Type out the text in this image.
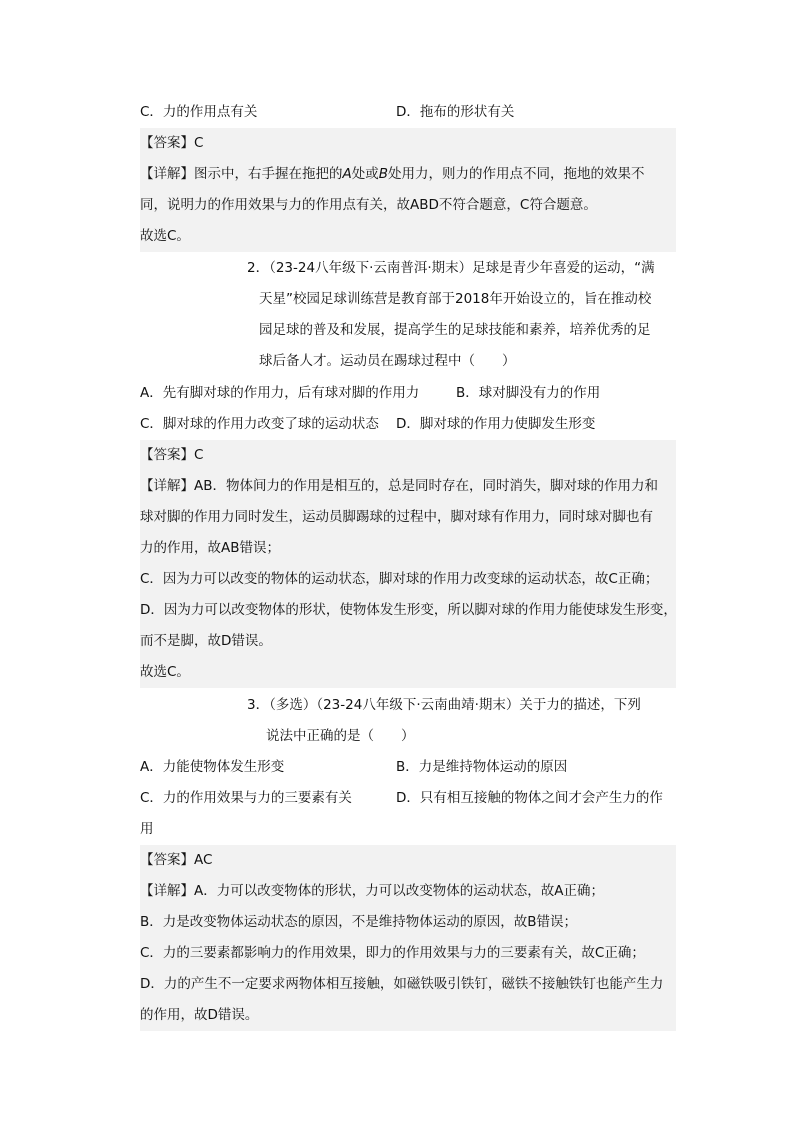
C．力的作用点有关	D．拖布的形状有关
【答案】C
【详解】图示中，右手握在拖把的A处或B处用力，则力的作用点不同，拖地的效果不
同，说明力的作用效果与力的作用点有关，故ABD不符合题意，C符合题意。
故选C。
2．（23-24八年级下·云南普洱·期末）足球是青少年喜爱的运动，“满
天星”校园足球训练营是教育部于2018年开始设立的，旨在推动校
园足球的普及和发展，提高学生的足球技能和素养，培养优秀的足
球后备人才。运动员在踢球过程中（　　）
A．先有脚对球的作用力，后有球对脚的作用力	B．球对脚没有力的作用
C．脚对球的作用力改变了球的运动状态 D．脚对球的作用力使脚发生形变
【答案】C
【详解】AB．物体间力的作用是相互的，总是同时存在，同时消失，脚对球的作用力和
球对脚的作用力同时发生，运动员脚踢球的过程中，脚对球有作用力，同时球对脚也有
力的作用，故AB错误；
C．因为力可以改变的物体的运动状态，脚对球的作用力改变球的运动状态，故C正确；
D．因为力可以改变物体的形状，使物体发生形变，所以脚对球的作用力能使球发生形变，
而不是脚，故D错误。
故选C。
3．（多选）（23-24八年级下·云南曲靖·期末）关于力的描述，下列
说法中正确的是（　　）
A．力能使物体发生形变	B．力是维持物体运动的原因
C．力的作用效果与力的三要素有关	D．只有相互接触的物体之间才会产生力的作
用
【答案】AC
【详解】A．力可以改变物体的形状，力可以改变物体的运动状态，故A正确；
B．力是改变物体运动状态的原因，不是维持物体运动的原因，故B错误；
C．力的三要素都影响力的作用效果，即力的作用效果与力的三要素有关，故C正确；
D．力的产生不一定要求两物体相互接触，如磁铁吸引铁钉，磁铁不接触铁钉也能产生力
的作用，故D错误。
